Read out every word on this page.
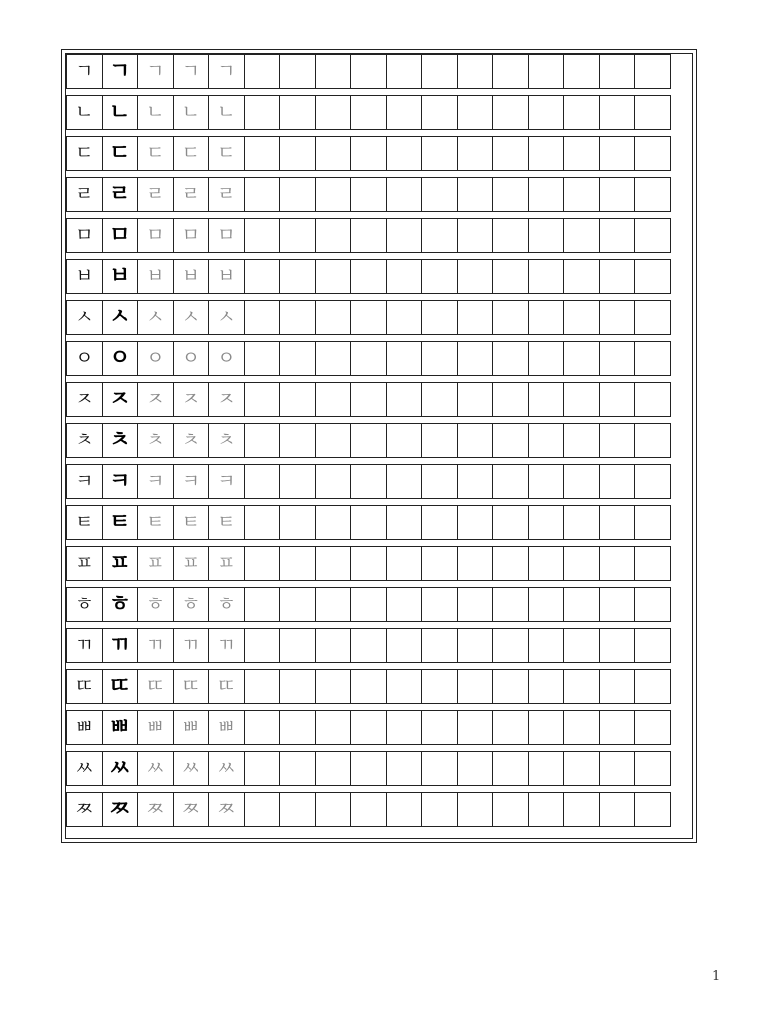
ㄱ ㄱ ㄱ ㄱ ㄱ
ㄴ ㄴ ㄴ ㄴ ㄴ
ㄷ ㄷ ㄷ ㄷ ㄷ
ㄹ ㄹ ㄹ ㄹ ㄹ
ㅁ ㅁ ㅁ ㅁ ㅁ
ㅂ ㅂ ㅂ ㅂ ㅂ
ㅅ ㅅ ㅅ ㅅ ㅅ
ㅇ ㅇ ㅇ ㅇ ㅇ
ㅈ ㅈ ㅈ ㅈ ㅈ
ㅊ ㅊ ㅊ ㅊ ㅊ
ㅋ ㅋ ㅋ ㅋ ㅋ
ㅌ ㅌ ㅌ ㅌ ㅌ
ㅍ ㅍ ㅍ ㅍ ㅍ
ㅎ ㅎ ㅎ ㅎ ㅎ
ㄲ ㄲ ㄲ ㄲ ㄲ
ㄸ ㄸ ㄸ ㄸ ㄸ
ㅃ ㅃ ㅃ ㅃ ㅃ
ㅆ ㅆ ㅆ ㅆ ㅆ
ㅉ ㅉ ㅉ ㅉ ㅉ
1
